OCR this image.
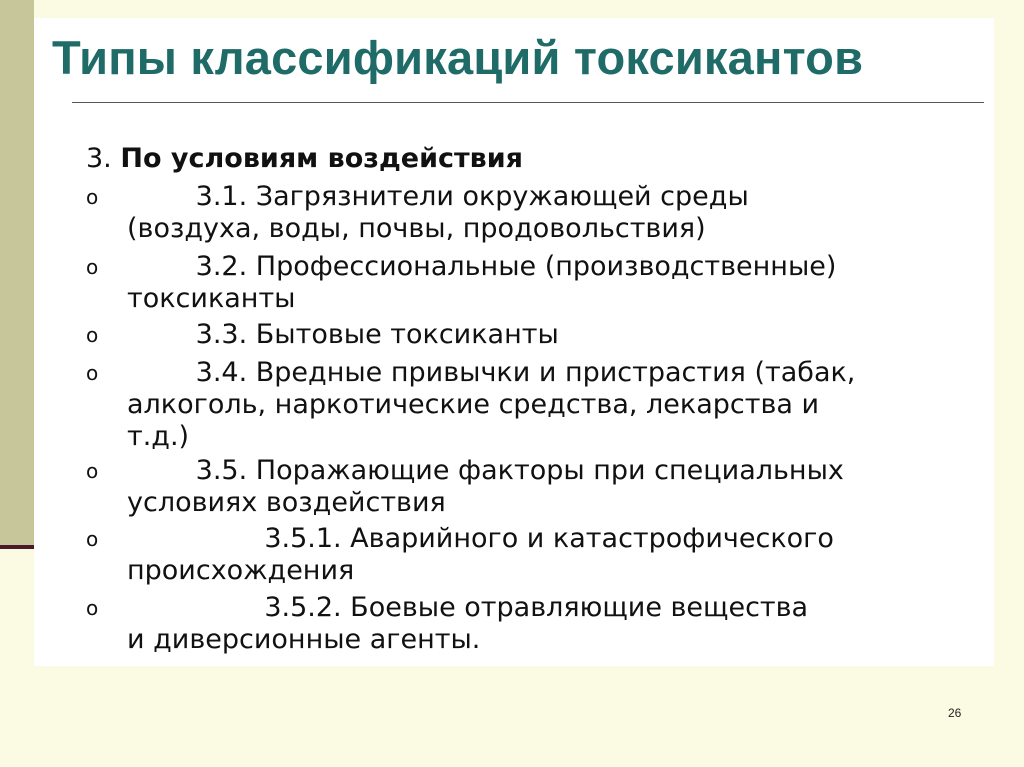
Типы классификаций токсикантов
3. По условиям воздействия
o 3.1. Загрязнители окружающей среды
(воздуха, воды, почвы, продовольствия)
o 3.2. Профессиональные (производственные)
токсиканты
o 3.3. Бытовые токсиканты
o 3.4. Вредные привычки и пристрастия (табак,
алкоголь, наркотические средства, лекарства и
т.д.)
o 3.5. Поражающие факторы при специальных
условиях воздействия
o 3.5.1. Аварийного и катастрофического
происхождения
o 3.5.2. Боевые отравляющие вещества
и диверсионные агенты.
26
